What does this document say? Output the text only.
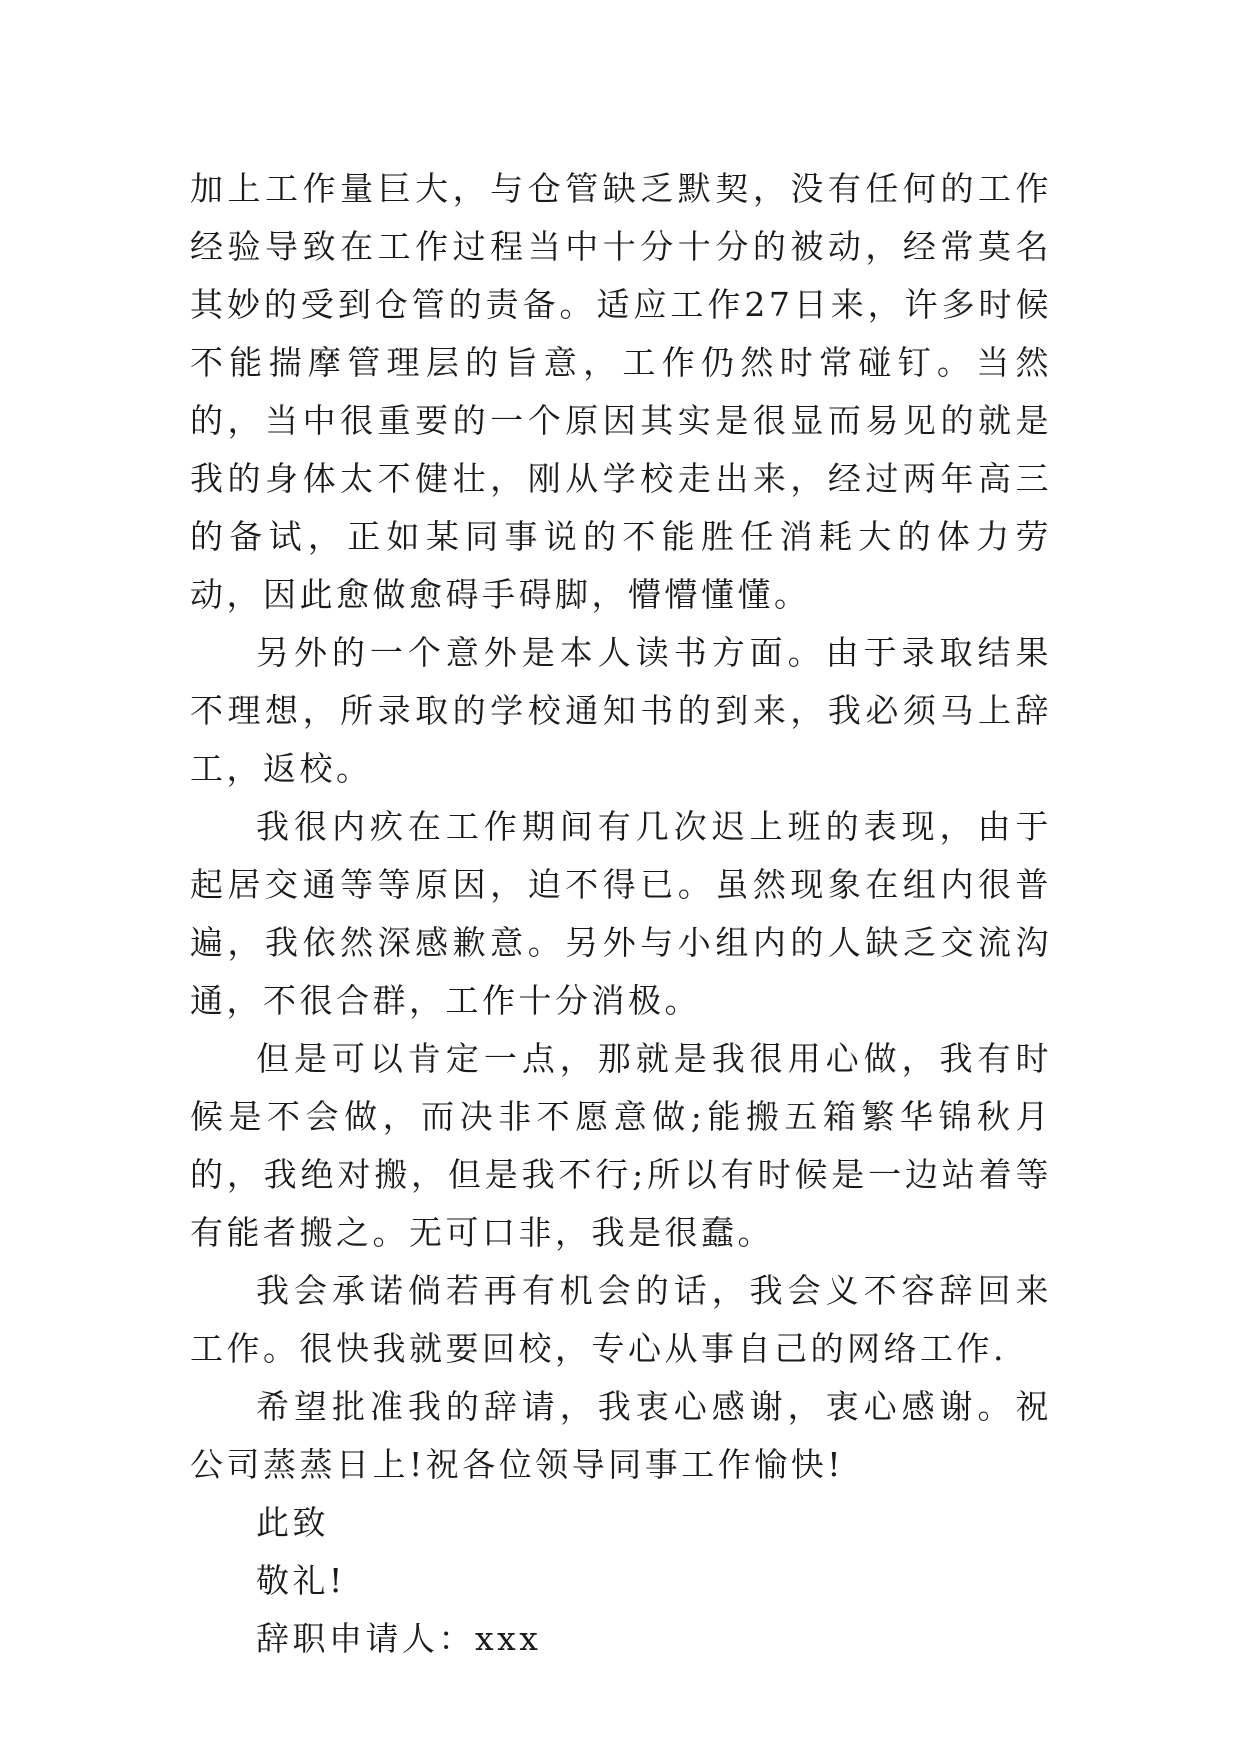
加上工作量巨大，与仓管缺乏默契，没有任何的工作经验导致在工作过程当中十分十分的被动，经常莫名其妙的受到仓管的责备。适应工作27日来，许多时候不能揣摩管理层的旨意，工作仍然时常碰钉。当然的，当中很重要的一个原因其实是很显而易见的就是我的身体太不健壮，刚从学校走出来，经过两年高三的备试，正如某同事说的不能胜任消耗大的体力劳动，因此愈做愈碍手碍脚，懵懵懂懂。

另外的一个意外是本人读书方面。由于录取结果不理想，所录取的学校通知书的到来，我必须马上辞工，返校。

我很内疚在工作期间有几次迟上班的表现，由于起居交通等等原因，迫不得已。虽然现象在组内很普遍，我依然深感歉意。另外与小组内的人缺乏交流沟通，不很合群，工作十分消极。

但是可以肯定一点，那就是我很用心做，我有时候是不会做，而决非不愿意做;能搬五箱繁华锦秋月的，我绝对搬，但是我不行;所以有时候是一边站着等有能者搬之。无可口非，我是很蠢。

我会承诺倘若再有机会的话，我会义不容辞回来工作。很快我就要回校，专心从事自己的网络工作.

希望批准我的辞请，我衷心感谢，衷心感谢。祝公司蒸蒸日上!祝各位领导同事工作愉快!

此致

敬礼!

辞职申请人：xxx
